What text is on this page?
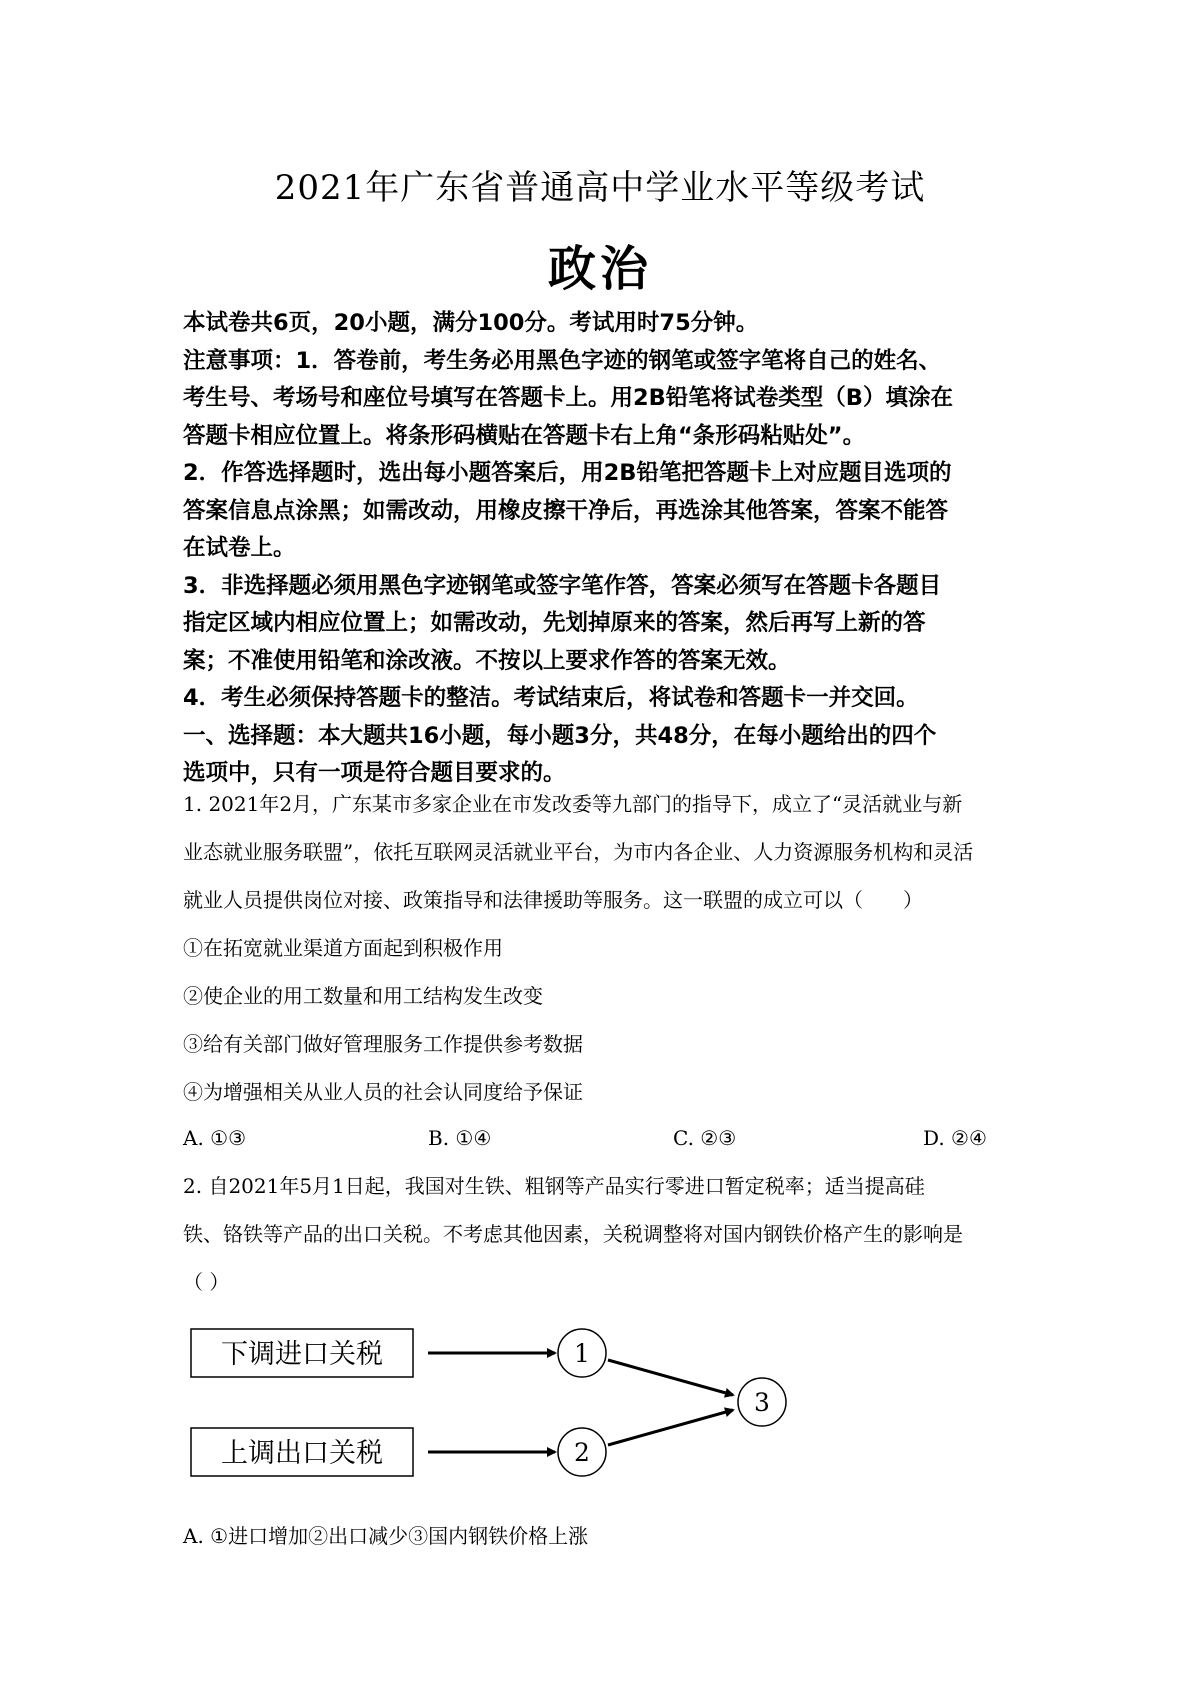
2021年广东省普通高中学业水平等级考试
政治
本试卷共6页，20小题，满分100分。考试用时75分钟。
注意事项：1．答卷前，考生务必用黑色字迹的钢笔或签字笔将自己的姓名、
考生号、考场号和座位号填写在答题卡上。用2B铅笔将试卷类型（B）填涂在
答题卡相应位置上。将条形码横贴在答题卡右上角“条形码粘贴处”。
2．作答选择题时，选出每小题答案后，用2B铅笔把答题卡上对应题目选项的
答案信息点涂黑；如需改动，用橡皮擦干净后，再选涂其他答案，答案不能答
在试卷上。
3．非选择题必须用黑色字迹钢笔或签字笔作答，答案必须写在答题卡各题目
指定区域内相应位置上；如需改动，先划掉原来的答案，然后再写上新的答
案；不准使用铅笔和涂改液。不按以上要求作答的答案无效。
4．考生必须保持答题卡的整洁。考试结束后，将试卷和答题卡一并交回。
一、选择题：本大题共16小题，每小题3分，共48分，在每小题给出的四个
选项中，只有一项是符合题目要求的。
1. 2021年2月，广东某市多家企业在市发改委等九部门的指导下，成立了“灵活就业与新
业态就业服务联盟”，依托互联网灵活就业平台，为市内各企业、人力资源服务机构和灵活
就业人员提供岗位对接、政策指导和法律援助等服务。这一联盟的成立可以（　　）
①在拓宽就业渠道方面起到积极作用
②使企业的用工数量和用工结构发生改变
③给有关部门做好管理服务工作提供参考数据
④为增强相关从业人员的社会认同度给予保证
A. ①③	B. ①④	C. ②③	D. ②④
2. 自2021年5月1日起，我国对生铁、粗钢等产品实行零进口暂定税率；适当提高硅
铁、铬铁等产品的出口关税。不考虑其他因素，关税调整将对国内钢铁价格产生的影响是
（ ）
A. ①进口增加②出口减少③国内钢铁价格上涨
下调进口关税
上调出口关税
1
2
3
